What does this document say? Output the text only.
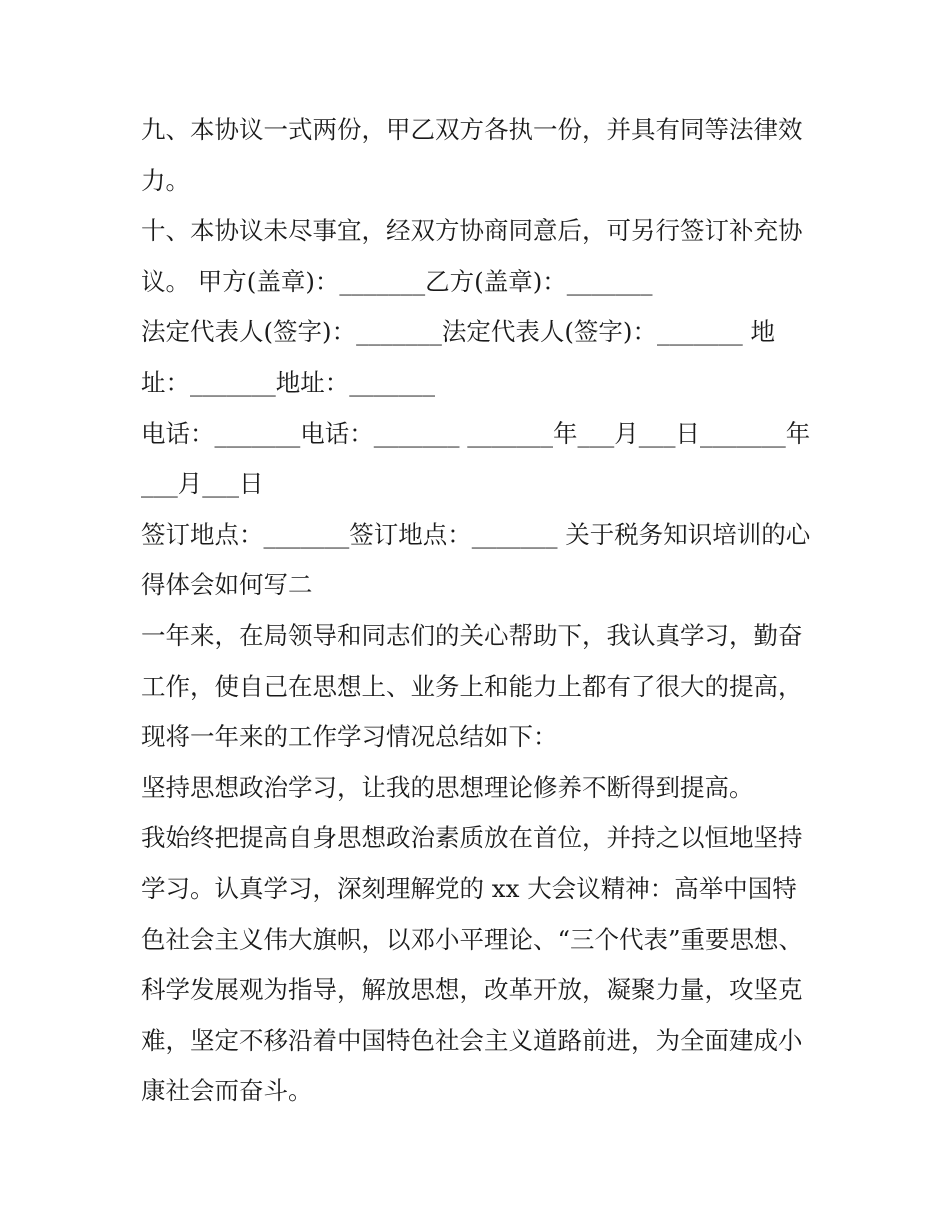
九、本协议一式两份，甲乙双方各执一份，并具有同等法律效
力。
十、本协议未尽事宜，经双方协商同意后，可另行签订补充协
议。 甲方(盖章)：_______乙方(盖章)：_______
法定代表人(签字)：_______法定代表人(签字)：_______ 地
址：_______地址：_______
电话：_______电话：_______ _______年___月___日_______年
___月___日
签订地点：_______签订地点：_______ 关于税务知识培训的心
得体会如何写二
一年来，在局领导和同志们的关心帮助下，我认真学习，勤奋
工作，使自己在思想上、业务上和能力上都有了很大的提高，
现将一年来的工作学习情况总结如下：
坚持思想政治学习，让我的思想理论修养不断得到提高。
我始终把提高自身思想政治素质放在首位，并持之以恒地坚持
学习。认真学习，深刻理解党的 xx 大会议精神：高举中国特
色社会主义伟大旗帜，以邓小平理论、“三个代表”重要思想、
科学发展观为指导，解放思想，改革开放，凝聚力量，攻坚克
难，坚定不移沿着中国特色社会主义道路前进，为全面建成小
康社会而奋斗。
